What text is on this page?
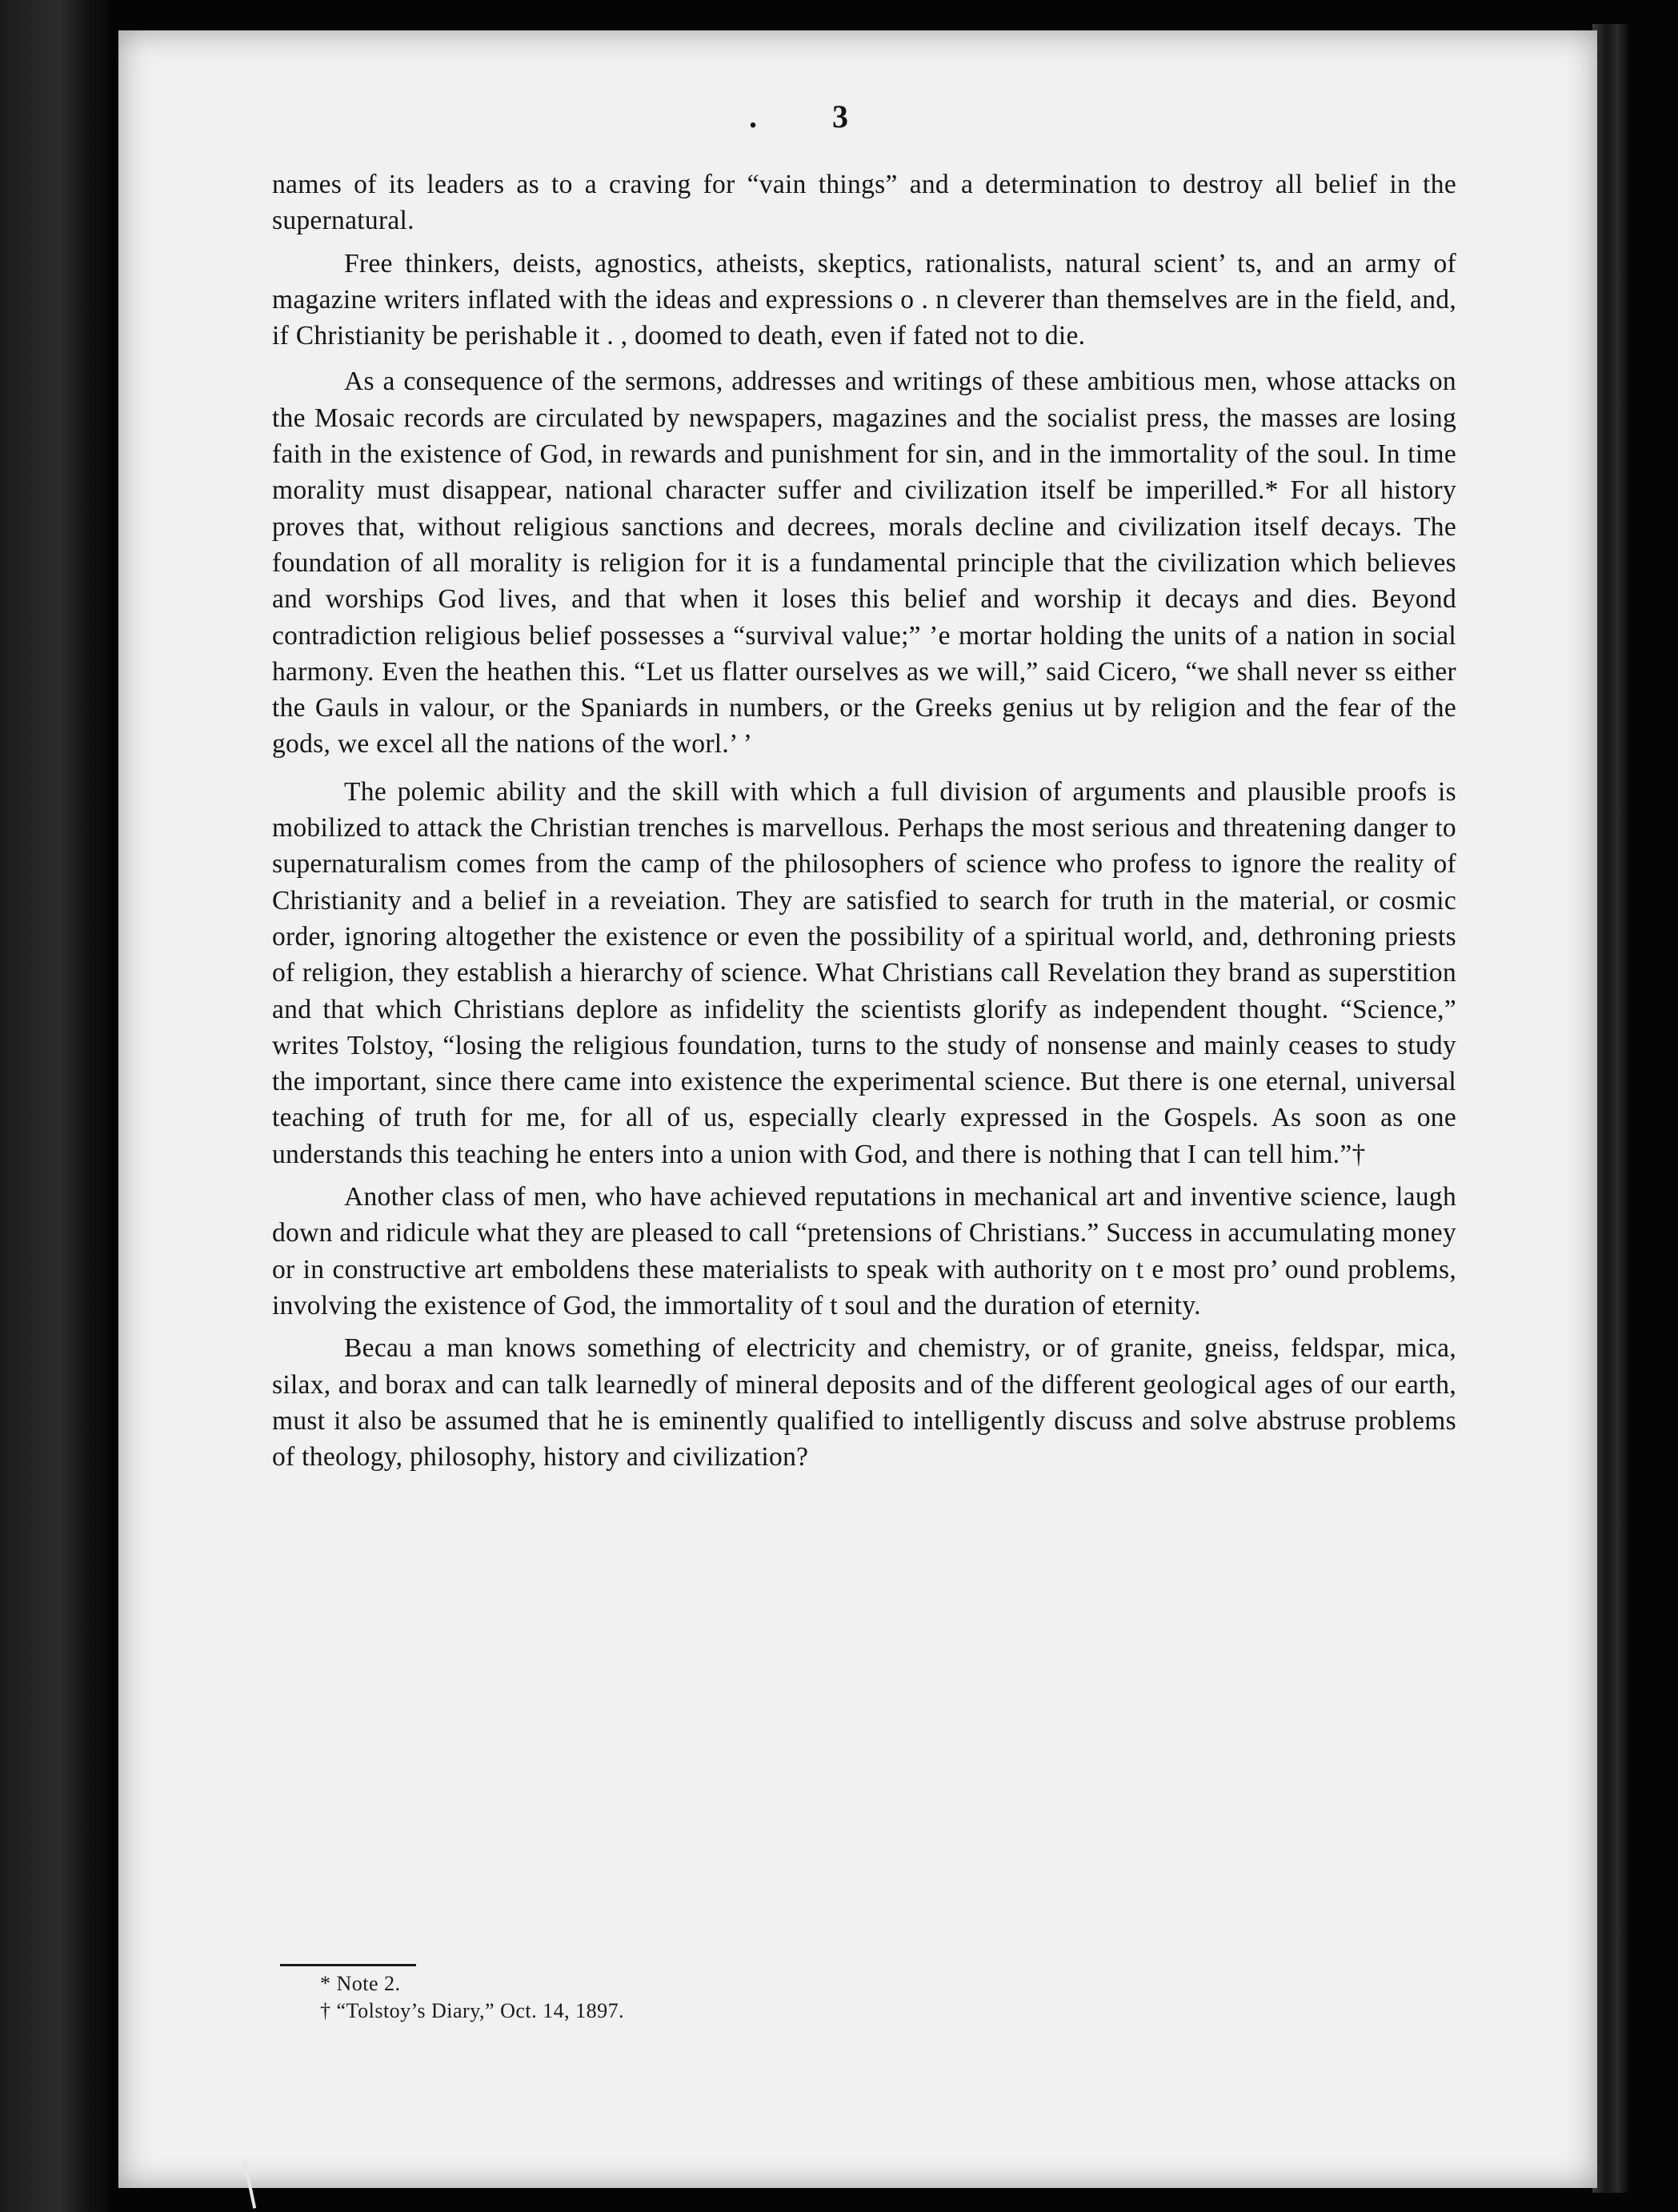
. 3

names of its leaders as to a craving for “vain things” and a determination to destroy all belief in the supernatural.

Free thinkers, deists, agnostics, atheists, skeptics, rationalists, natural scient’ ts, and an army of magazine writers inflated with the ideas and expressions o . n cleverer than themselves are in the field, and, if Christianity be perishable it . , doomed to death, even if fated not to die.

As a consequence of the sermons, addresses and writings of these ambitious men, whose attacks on the Mosaic records are circulated by newspapers, magazines and the socialist press, the masses are losing faith in the existence of God, in rewards and punishment for sin, and in the immortality of the soul. In time morality must disappear, national character suffer and civilization itself be imperilled.* For all history proves that, without religious sanctions and decrees, morals decline and civilization itself decays. The foundation of all morality is religion for it is a fundamental principle that the civilization which believes and worships God lives, and that when it loses this belief and worship it decays and dies. Beyond contradiction religious belief possesses a “survival value;” ’e mortar holding the units of a nation in social harmony. Even the heathen this. “Let us flatter ourselves as we will,” said Cicero, “we shall never ss either the Gauls in valour, or the Spaniards in numbers, or the Greeks genius ut by religion and the fear of the gods, we excel all the nations of the worl.’ ’

The polemic ability and the skill with which a full division of arguments and plausible proofs is mobilized to attack the Christian trenches is marvellous. Perhaps the most serious and threatening danger to supernaturalism comes from the camp of the philosophers of science who profess to ignore the reality of Christianity and a belief in a reveiation. They are satisfied to search for truth in the material, or cosmic order, ignoring altogether the existence or even the possibility of a spiritual world, and, dethroning priests of religion, they establish a hierarchy of science. What Christians call Revelation they brand as superstition and that which Christians deplore as infidelity the scientists glorify as independent thought. “Science,” writes Tolstoy, “losing the religious foundation, turns to the study of nonsense and mainly ceases to study the important, since there came into existence the experimental science. But there is one eternal, universal teaching of truth for me, for all of us, especially clearly expressed in the Gospels. As soon as one understands this teaching he enters into a union with God, and there is nothing that I can tell him.”†

Another class of men, who have achieved reputations in mechanical art and inventive science, laugh down and ridicule what they are pleased to call “pretensions of Christians.” Success in accumulating money or in constructive art emboldens these materialists to speak with authority on t e most pro’ ound problems, involving the existence of God, the immortality of t soul and the duration of eternity.

Becau a man knows something of electricity and chemistry, or of granite, gneiss, feldspar, mica, silax, and borax and can talk learnedly of mineral deposits and of the different geological ages of our earth, must it also be assumed that he is eminently qualified to intelligently discuss and solve abstruse problems of theology, philosophy, history and civilization?

* Note 2.
† “Tolstoy’s Diary,” Oct. 14, 1897.
